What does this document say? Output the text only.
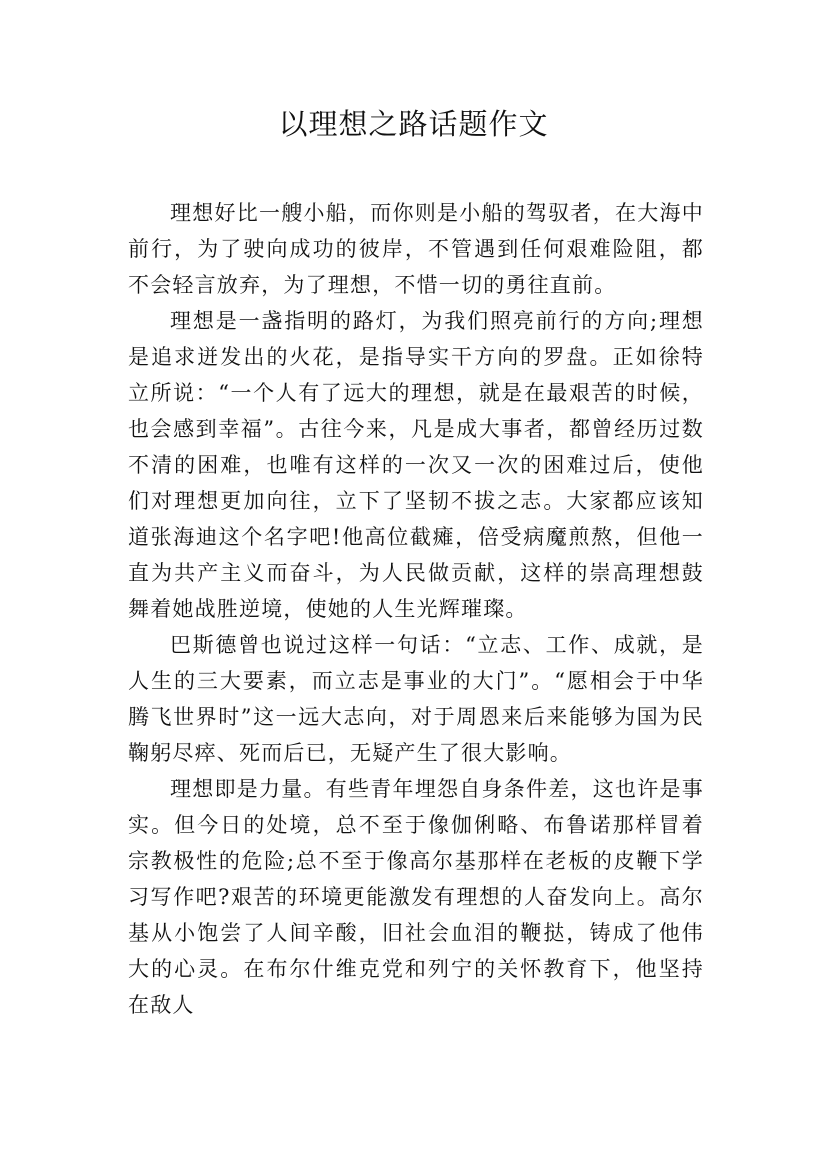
以理想之路话题作文

理想好比一艘小船，而你则是小船的驾驭者，在大海中前行，为了驶向成功的彼岸，不管遇到任何艰难险阻，都不会轻言放弃，为了理想，不惜一切的勇往直前。

理想是一盏指明的路灯，为我们照亮前行的方向;理想是追求迸发出的火花，是指导实干方向的罗盘。正如徐特立所说：“一个人有了远大的理想，就是在最艰苦的时候，也会感到幸福”。古往今来，凡是成大事者，都曾经历过数不清的困难，也唯有这样的一次又一次的困难过后，使他们对理想更加向往，立下了坚韧不拔之志。大家都应该知道张海迪这个名字吧!他高位截瘫，倍受病魔煎熬，但他一直为共产主义而奋斗，为人民做贡献，这样的崇高理想鼓舞着她战胜逆境，使她的人生光辉璀璨。

巴斯德曾也说过这样一句话：“立志、工作、成就，是人生的三大要素，而立志是事业的大门”。“愿相会于中华腾飞世界时”这一远大志向，对于周恩来后来能够为国为民鞠躬尽瘁、死而后已，无疑产生了很大影响。

理想即是力量。有些青年埋怨自身条件差，这也许是事实。但今日的处境，总不至于像伽俐略、布鲁诺那样冒着宗教极性的危险;总不至于像高尔基那样在老板的皮鞭下学习写作吧?艰苦的环境更能激发有理想的人奋发向上。高尔基从小饱尝了人间辛酸，旧社会血泪的鞭挞，铸成了他伟大的心灵。在布尔什维克党和列宁的关怀教育下，他坚持在敌人
